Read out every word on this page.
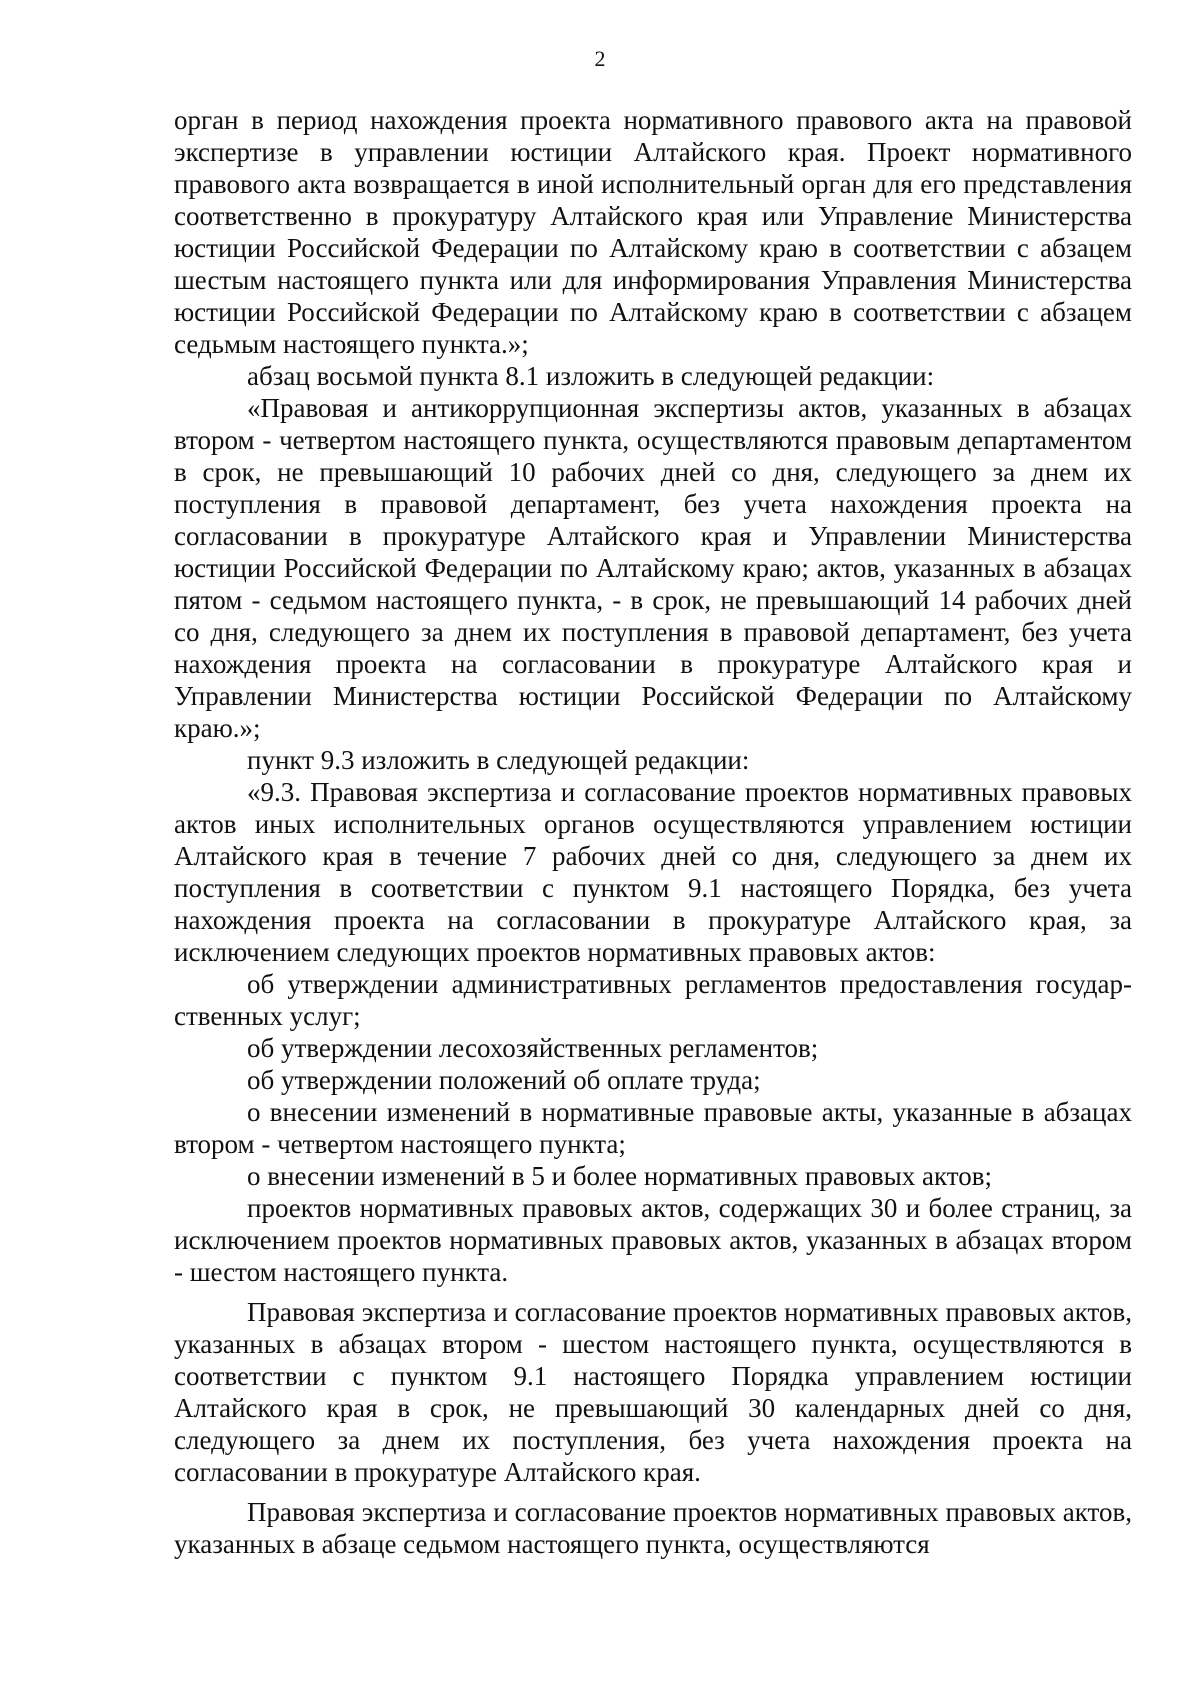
2

орган в период нахождения проекта нормативного правового акта на правовой экспертизе в управлении юстиции Алтайского края. Проект нормативного правового акта возвращается в иной исполнительный орган для его представления соответственно в прокуратуру Алтайского края или Управление Министерства юстиции Российской Федерации по Алтайскому краю в соответствии с абзацем шестым настоящего пункта или для информирования Управления Министерства юстиции Российской Федерации по Алтайскому краю в соответствии с абзацем седьмым настоящего пункта.»;

абзац восьмой пункта 8.1 изложить в следующей редакции:

«Правовая и антикоррупционная экспертизы актов, указанных в абзацах втором - четвертом настоящего пункта, осуществляются правовым департаментом в срок, не превышающий 10 рабочих дней со дня, следующего за днем их поступления в правовой департамент, без учета нахождения проекта на согласовании в прокуратуре Алтайского края и Управлении Министерства юстиции Российской Федерации по Алтайскому краю; актов, указанных в абзацах пятом - седьмом настоящего пункта, - в срок, не превышающий 14 рабочих дней со дня, следующего за днем их поступления в правовой департамент, без учета нахождения проекта на согласовании в прокуратуре Алтайского края и Управлении Министерства юстиции Российской Федерации по Алтайскому краю.»;

пункт 9.3 изложить в следующей редакции:

«9.3. Правовая экспертиза и согласование проектов нормативных правовых актов иных исполнительных органов осуществляются управлением юстиции Алтайского края в течение 7 рабочих дней со дня, следующего за днем их поступления в соответствии с пунктом 9.1 настоящего Порядка, без учета нахождения проекта на согласовании в прокуратуре Алтайского края, за исключением следующих проектов нормативных правовых актов:

об утверждении административных регламентов предоставления государственных услуг;

об утверждении лесохозяйственных регламентов;

об утверждении положений об оплате труда;

о внесении изменений в нормативные правовые акты, указанные в абзацах втором - четвертом настоящего пункта;

о внесении изменений в 5 и более нормативных правовых актов;

проектов нормативных правовых актов, содержащих 30 и более страниц, за исключением проектов нормативных правовых актов, указанных в абзацах втором - шестом настоящего пункта.

Правовая экспертиза и согласование проектов нормативных правовых актов, указанных в абзацах втором - шестом настоящего пункта, осуществляются в соответствии с пунктом 9.1 настоящего Порядка управлением юстиции Алтайского края в срок, не превышающий 30 календарных дней со дня, следующего за днем их поступления, без учета нахождения проекта на согласовании в прокуратуре Алтайского края.

Правовая экспертиза и согласование проектов нормативных правовых актов, указанных в абзаце седьмом настоящего пункта, осуществляются
